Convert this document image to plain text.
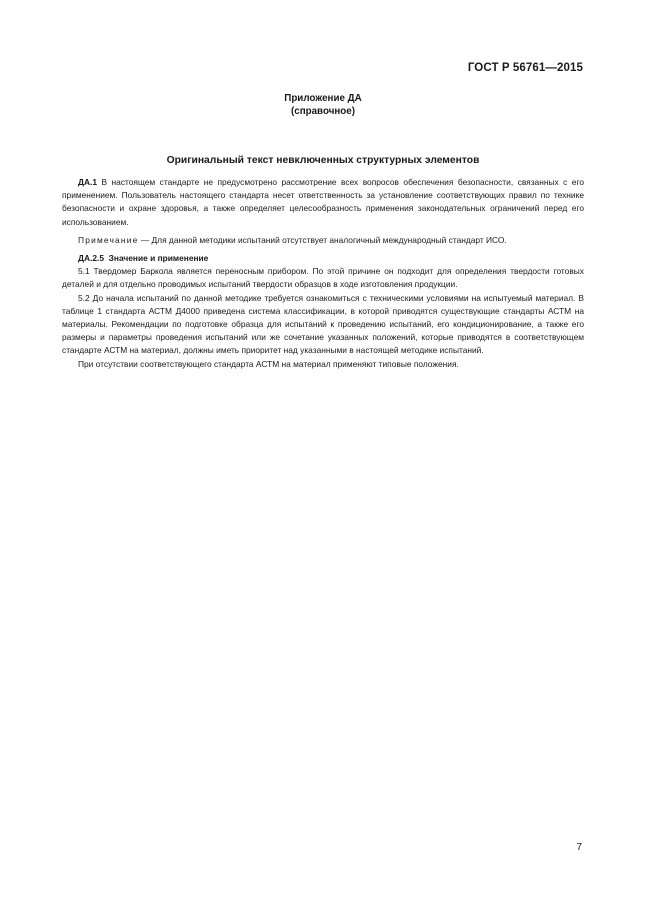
ГОСТ Р 56761—2015
Приложение ДА
(справочное)
Оригинальный текст невключенных структурных элементов

ДА.1 В настоящем стандарте не предусмотрено рассмотрение всех вопросов обеспечения безопасности, связанных с его применением. Пользователь настоящего стандарта несет ответственность за установление соответствующих правил по технике безопасности и охране здоровья, а также определяет целесообразность применения законодательных ограничений перед его использованием.

Примечание — Для данной методики испытаний отсутствует аналогичный международный стандарт ИСО.

ДА.2.5 Значение и применение

5.1 Твердомер Баркола является переносным прибором. По этой причине он подходит для определения твердости готовых деталей и для отдельно проводимых испытаний твердости образцов в ходе изготовления продукции.

5.2 До начала испытаний по данной методике требуется ознакомиться с техническими условиями на испытуемый материал. В таблице 1 стандарта АСТМ Д4000 приведена система классификации, в которой приводятся существующие стандарты АСТМ на материалы. Рекомендации по подготовке образца для испытаний к проведению испытаний, его кондиционирование, а также его размеры и параметры проведения испытаний или же сочетание указанных положений, которые приводятся в соответствующем стандарте АСТМ на материал, должны иметь приоритет над указанными в настоящей методике испытаний.

При отсутствии соответствующего стандарта АСТМ на материал применяют типовые положения.

7
